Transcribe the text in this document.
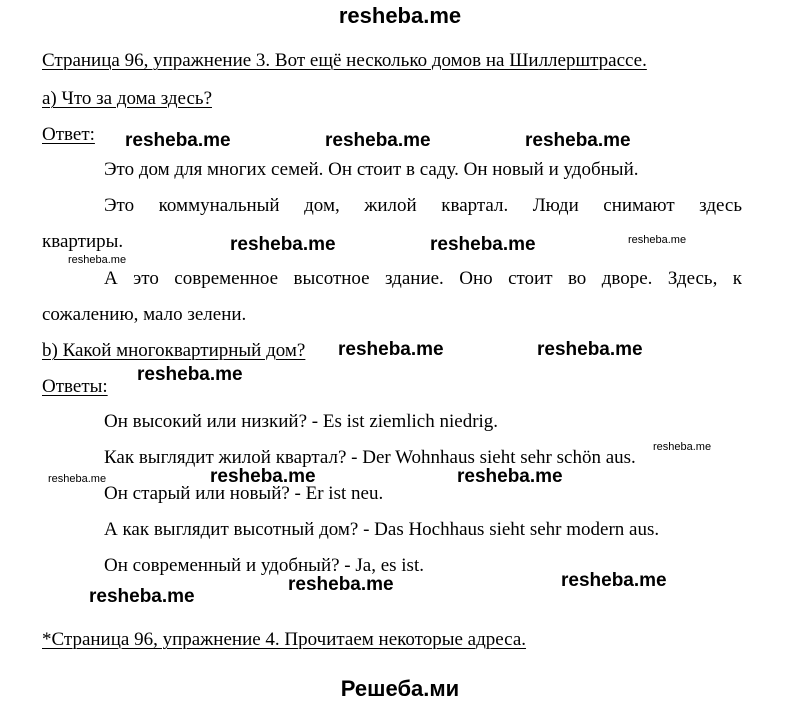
resheba.me
Страница 96, упражнение 3. Вот ещё несколько домов на Шиллерштрассе.
а) Что за дома здесь?
Ответ:
Это дом для многих семей. Он стоит в саду. Он новый и удобный.
Это коммунальный дом, жилой квартал. Люди снимают здесь
квартиры.
А это современное высотное здание. Оно стоит во дворе. Здесь, к
сожалению, мало зелени.
b) Какой многоквартирный дом?
Ответы:
Он высокий или низкий? - Es ist ziemlich niedrig.
Как выглядит жилой квартал? - Der Wohnhaus sieht sehr schön aus.
Он старый или новый? - Er ist neu.
А как выглядит высотный дом? - Das Hochhaus sieht sehr modern aus.
Он современный и удобный? - Ja, es ist.
*Страница 96, упражнение 4. Прочитаем некоторые адреса.
resheba.me	resheba.me	resheba.me
resheba.me	resheba.me	resheba.me
resheba.me
resheba.me	resheba.me
resheba.me
resheba.me
resheba.me	resheba.me	resheba.me
resheba.me
resheba.me
resheba.me
Решеба.ми
